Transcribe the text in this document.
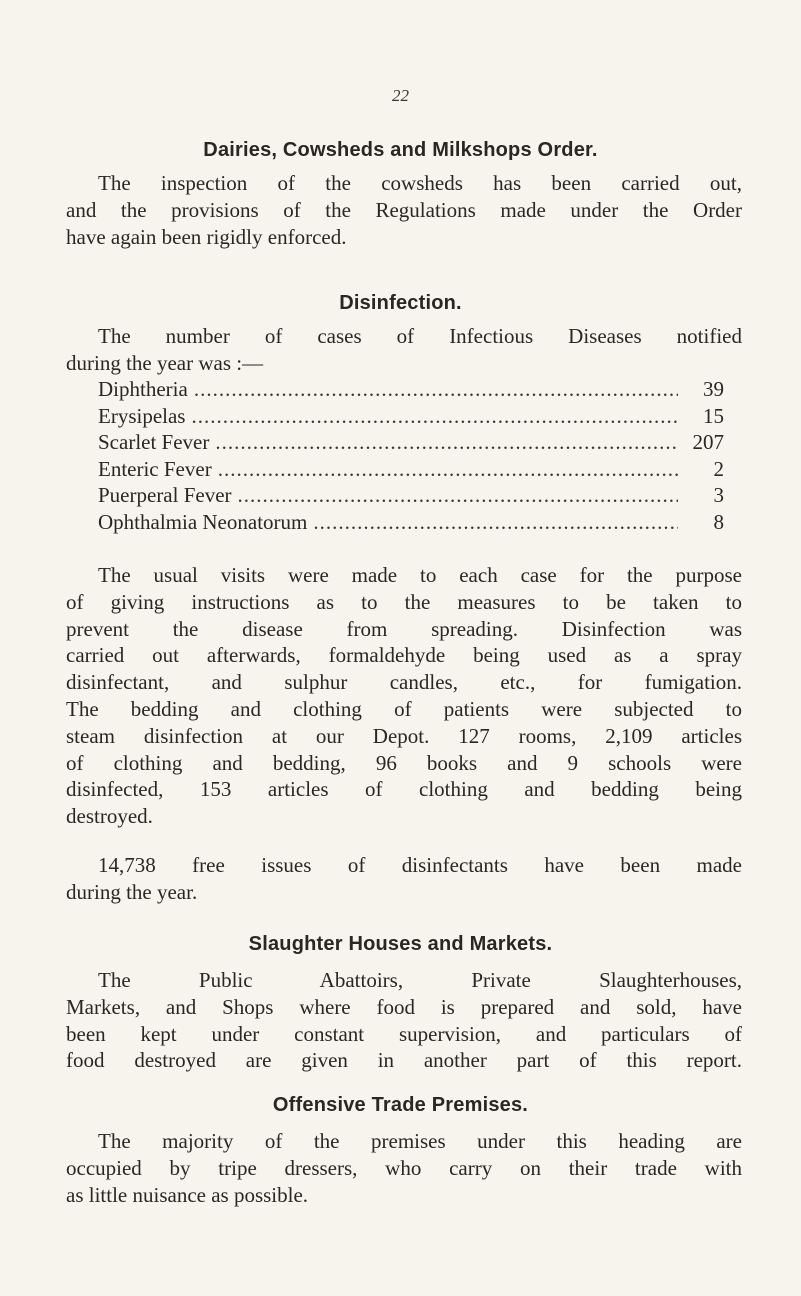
22
Dairies, Cowsheds and Milkshops Order.
The inspection of the cowsheds has been carried out,
and the provisions of the Regulations made under the Order
have again been rigidly enforced.
Disinfection.
The number of cases of Infectious Diseases notified
during the year was :—
Diphtheria .....	39
Erysipelas .....	15
Scarlet Fever .....	207
Enteric Fever .....	2
Puerperal Fever .....	3
Ophthalmia Neonatorum .....	8
The usual visits were made to each case for the purpose
of giving instructions as to the measures to be taken to
prevent the disease from spreading. Disinfection was
carried out afterwards, formaldehyde being used as a spray
disinfectant, and sulphur candles, etc., for fumigation.
The bedding and clothing of patients were subjected to
steam disinfection at our Depot. 127 rooms, 2,109 articles
of clothing and bedding, 96 books and 9 schools were
disinfected, 153 articles of clothing and bedding being
destroyed.
14,738 free issues of disinfectants have been made
during the year.
Slaughter Houses and Markets.
The Public Abattoirs, Private Slaughterhouses,
Markets, and Shops where food is prepared and sold, have
been kept under constant supervision, and particulars of
food destroyed are given in another part of this report.
Offensive Trade Premises.
The majority of the premises under this heading are
occupied by tripe dressers, who carry on their trade with
as little nuisance as possible.
